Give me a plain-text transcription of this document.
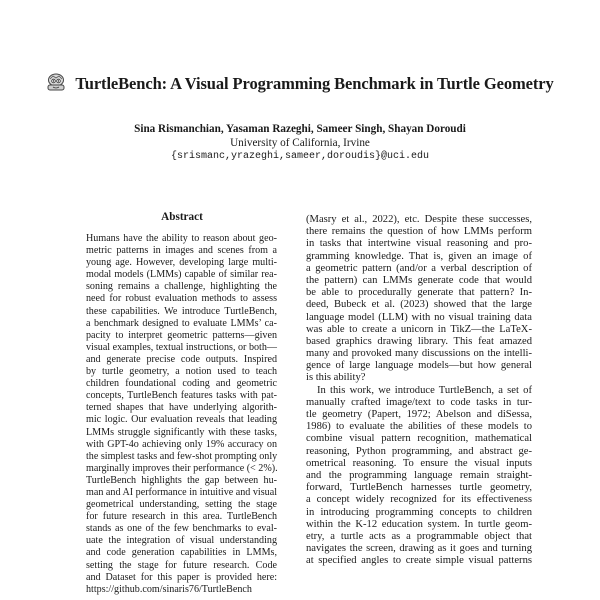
TurtleBench: A Visual Programming Benchmark in Turtle Geometry
Sina Rismanchian, Yasaman Razeghi, Sameer Singh, Shayan Doroudi
University of California, Irvine
{srismanc,yrazeghi,sameer,doroudis}@uci.edu
Abstract
Humans have the ability to reason about geo-
metric patterns in images and scenes from a
young age. However, developing large multi-
modal models (LMMs) capable of similar rea-
soning remains a challenge, highlighting the
need for robust evaluation methods to assess
these capabilities. We introduce TurtleBench,
a benchmark designed to evaluate LMMs’ ca-
pacity to interpret geometric patterns—given
visual examples, textual instructions, or both—
and generate precise code outputs. Inspired
by turtle geometry, a notion used to teach
children foundational coding and geometric
concepts, TurtleBench features tasks with pat-
terned shapes that have underlying algorith-
mic logic. Our evaluation reveals that leading
LMMs struggle significantly with these tasks,
with GPT-4o achieving only 19% accuracy on
the simplest tasks and few-shot prompting only
marginally improves their performance (< 2%).
TurtleBench highlights the gap between hu-
man and AI performance in intuitive and visual
geometrical understanding, setting the stage
for future research in this area. TurtleBench
stands as one of the few benchmarks to eval-
uate the integration of visual understanding
and code generation capabilities in LMMs,
setting the stage for future research. Code
and Dataset for this paper is provided here:
https://github.com/sinaris76/TurtleBench
(Masry et al., 2022), etc. Despite these successes,
there remains the question of how LMMs perform
in tasks that intertwine visual reasoning and pro-
gramming knowledge. That is, given an image of
a geometric pattern (and/or a verbal description of
the pattern) can LMMs generate code that would
be able to procedurally generate that pattern? In-
deed, Bubeck et al. (2023) showed that the large
language model (LLM) with no visual training data
was able to create a unicorn in TikZ—the LaTeX-
based graphics drawing library. This feat amazed
many and provoked many discussions on the intelli-
gence of large language models—but how general
is this ability?
In this work, we introduce TurtleBench, a set of
manually crafted image/text to code tasks in tur-
tle geometry (Papert, 1972; Abelson and diSessa,
1986) to evaluate the abilities of these models to
combine visual pattern recognition, mathematical
reasoning, Python programming, and abstract ge-
ometrical reasoning. To ensure the visual inputs
and the programming language remain straight-
forward, TurtleBench harnesses turtle geometry,
a concept widely recognized for its effectiveness
in introducing programming concepts to children
within the K-12 education system. In turtle geom-
etry, a turtle acts as a programmable object that
navigates the screen, drawing as it goes and turning
at specified angles to create simple visual patterns
